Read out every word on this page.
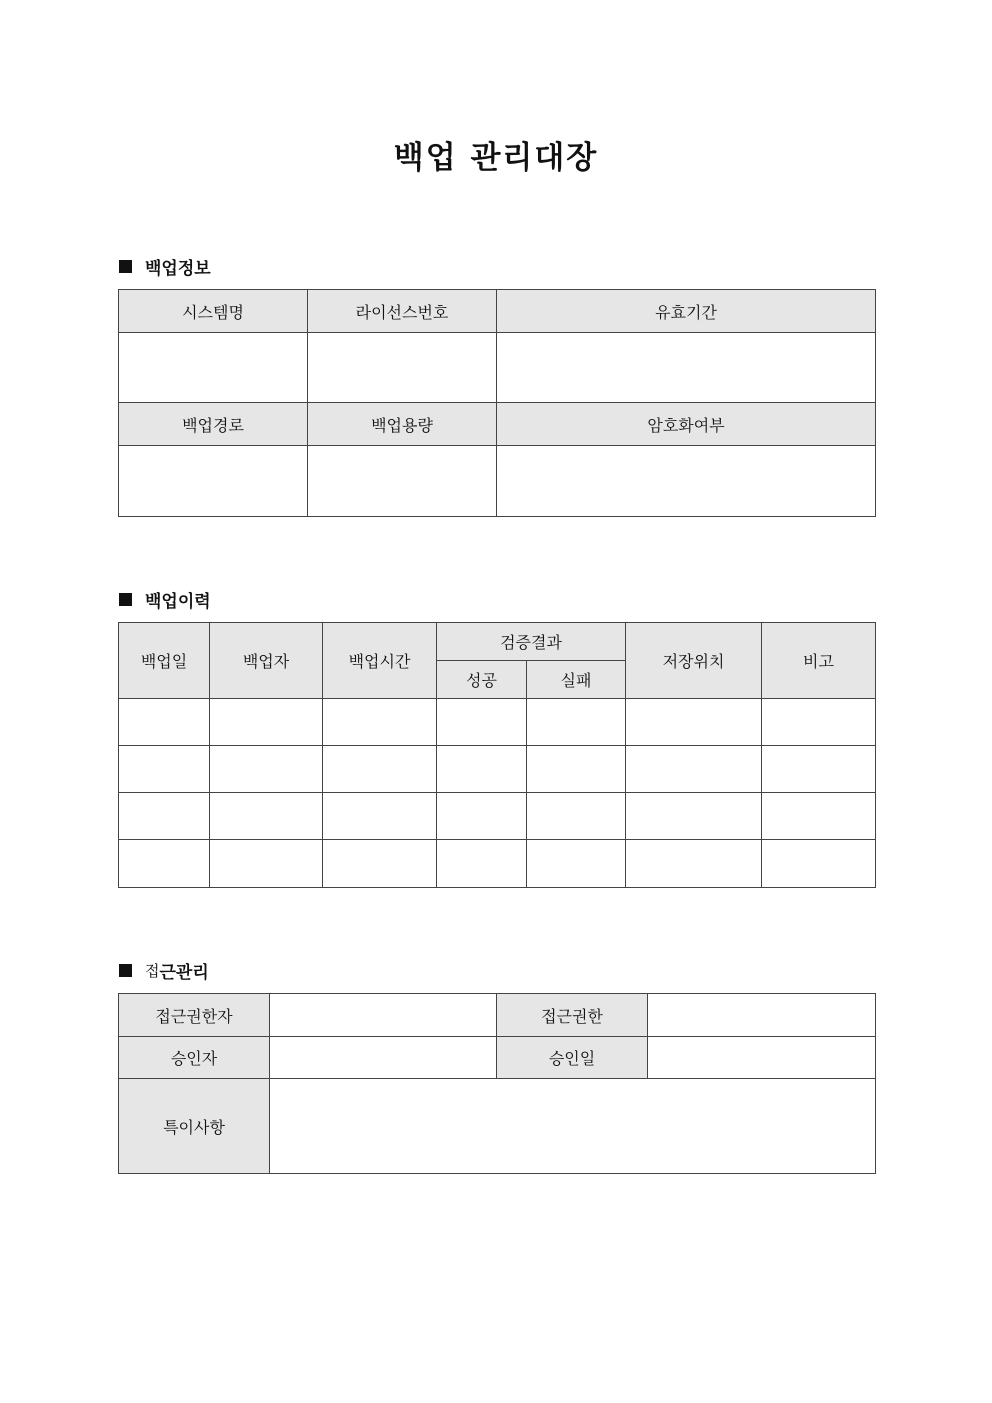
백업 관리대장
백업정보
시스템명	라이선스번호	유효기간

백업경로	백업용량	암호화여부

백업이력
백업일	백업자	백업시간	검증결과		저장위치	비고
			성공	실패		

접 근관리
접근권한자		접근권한	
승인자		승인일	
특이사항			
